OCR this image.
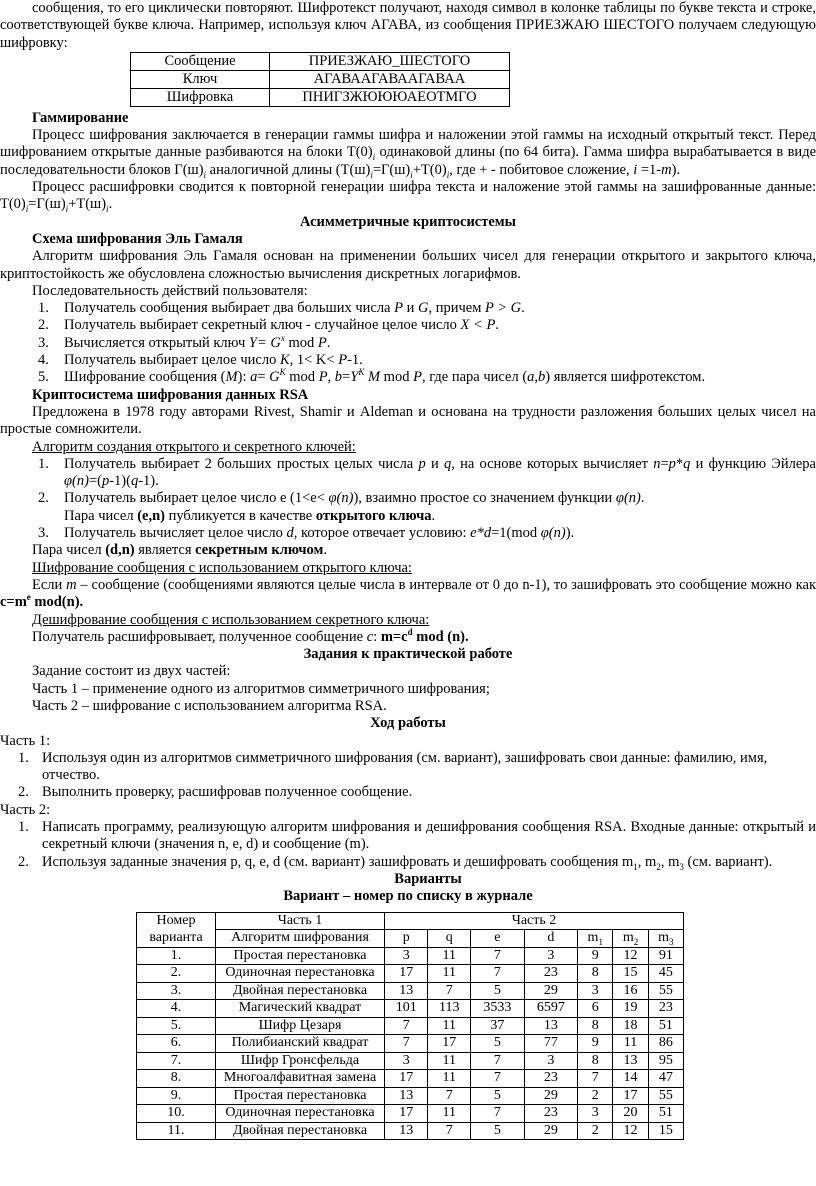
сообщения, то его циклически повторяют. Шифротекст получают, находя символ в колонке таблицы по букве текста и строке, соответствующей букве ключа. Например, используя ключ АГАВА, из сообщения ПРИЕЗЖАЮ ШЕСТОГО получаем следующую шифровку:

Сообщение	ПРИЕЗЖАЮ_ШЕСТОГО
Ключ	АГАВААГАВААГАВАА
Шифровка	ПНИГЗЖЮЮЮАЕОТМГО

Гаммирование

Процесс шифрования заключается в генерации гаммы шифра и наложении этой гаммы на исходный открытый текст. Перед шифрованием открытые данные разбиваются на блоки $Т(0)_i$ одинаковой длины (по 64 бита). Гамма шифра вырабатывается в виде последовательности блоков $Г(ш)_i$ аналогичной длины ($Т(ш)_i=Г(ш)_i+Т(0)_i$, где + - побитовое сложение, i =1-m).

Процесс расшифровки сводится к повторной генерации шифра текста и наложение этой гаммы на зашифрованные данные: $Т(0)_i=Г(ш)_i+Т(ш)_i$.

Асимметричные криптосистемы

Схема шифрования Эль Гамаля

Алгоритм шифрования Эль Гамаля основан на применении больших чисел для генерации открытого и закрытого ключа, криптостойкость же обусловлена сложностью вычисления дискретных логарифмов.

Последовательность действий пользователя:

1. Получатель сообщения выбирает два больших числа P и G, причем P > G.
2. Получатель выбирает секретный ключ - случайное целое число X < P.
3. Вычисляется открытый ключ $Y= G^x$ mod P.
4. Получатель выбирает целое число K, 1< K< P-1.
5. Шифрование сообщения (M): $a= G^K$ mod P, $b=Y^K$ M mod P, где пара чисел (a,b) является шифротекстом.

Криптосистема шифрования данных RSA

Предложена в 1978 году авторами Rivest, Shamir и Aldeman и основана на трудности разложения больших целых чисел на простые сомножители.

Алгоритм создания открытого и секретного ключей:

1. Получатель выбирает 2 больших простых целых числа p и q, на основе которых вычисляет n=p*q и функцию Эйлера φ(n)=(p-1)(q-1).
2. Получатель выбирает целое число e (1<e< φ(n)), взаимно простое со значением функции φ(n).

Пара чисел (e,n) публикуется в качестве открытого ключа.

3. Получатель вычисляет целое число d, которое отвечает условию: e*d=1(mod φ(n)).

Пара чисел (d,n) является секретным ключом.

Шифрование сообщения с использованием открытого ключа:

Если m – сообщение (сообщениями являются целые числа в интервале от 0 до n-1), то зашифровать это сообщение можно как $c=m^e$ mod(n).

Дешифрование сообщения с использованием секретного ключа:

Получатель расшифровывает, полученное сообщение c: $m=c^d$ mod (n).

Задания к практической работе

Задание состоит из двух частей:

Часть 1 – применение одного из алгоритмов симметричного шифрования;

Часть 2 – шифрование с использованием алгоритма RSA.

Ход работы

Часть 1:

1. Используя один из алгоритмов симметричного шифрования (см. вариант), зашифровать свои данные: фамилию, имя, отчество.
2. Выполнить проверку, расшифровав полученное сообщение.

Часть 2:

1. Написать программу, реализующую алгоритм шифрования и дешифрования сообщения RSA. Входные данные: открытый и секретный ключи (значения n, e, d) и сообщение (m).
2. Используя заданные значения p, q, e, d (см. вариант) зашифровать и дешифровать сообщения $m_1$, $m_2$, $m_3$ (см. вариант).

Варианты

Вариант – номер по списку в журнале

Номер варианта	Часть 1	Часть 2						
	Алгоритм шифрования	p	q	e	d	$m_1$	$m_2$	$m_3$
1.	Простая перестановка	3	11	7	3	9	12	91
2.	Одиночная перестановка	17	11	7	23	8	15	45
3.	Двойная перестановка	13	7	5	29	3	16	55
4.	Магический квадрат	101	113	3533	6597	6	19	23
5.	Шифр Цезаря	7	11	37	13	8	18	51
6.	Полибианский квадрат	7	17	5	77	9	11	86
7.	Шифр Гронсфельда	3	11	7	3	8	13	95
8.	Многоалфавитная замена	17	11	7	23	7	14	47
9.	Простая перестановка	13	7	5	29	2	17	55
10.	Одиночная перестановка	17	11	7	23	3	20	51
11.	Двойная перестановка	13	7	5	29	2	12	15
